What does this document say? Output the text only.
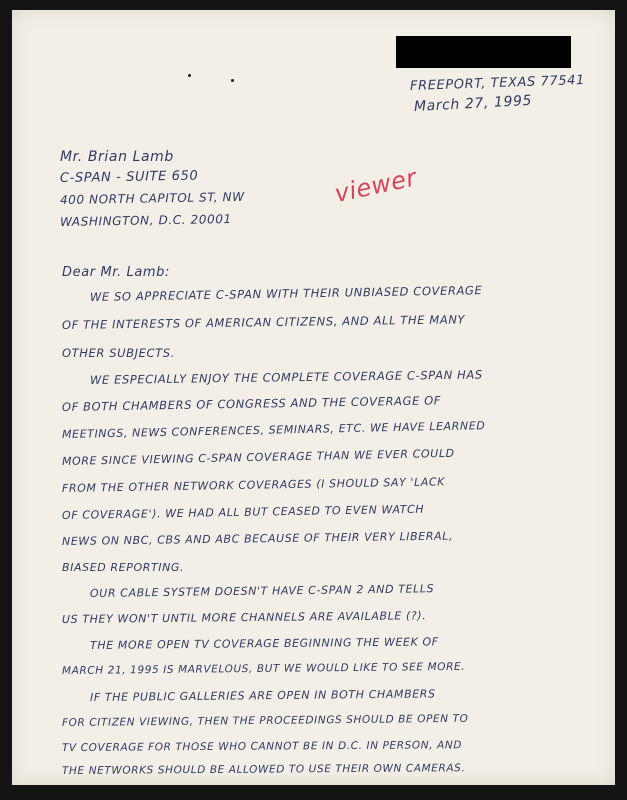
FREEPORT, TEXAS 77541
March 27, 1995
Mr. Brian Lamb
C-SPAN - SUITE 650
400 NORTH CAPITOL ST, NW
WASHINGTON, D.C. 20001
viewer
Dear Mr. Lamb:
WE SO APPRECIATE C-SPAN WITH THEIR UNBIASED COVERAGE
OF THE INTERESTS OF AMERICAN CITIZENS, AND ALL THE MANY
OTHER SUBJECTS.
WE ESPECIALLY ENJOY THE COMPLETE COVERAGE C-SPAN HAS
OF BOTH CHAMBERS OF CONGRESS AND THE COVERAGE OF
MEETINGS, NEWS CONFERENCES, SEMINARS, ETC. WE HAVE LEARNED
MORE SINCE VIEWING C-SPAN COVERAGE THAN WE EVER COULD
FROM THE OTHER NETWORK COVERAGES (I SHOULD SAY 'LACK
OF COVERAGE'). WE HAD ALL BUT CEASED TO EVEN WATCH
NEWS ON NBC, CBS AND ABC BECAUSE OF THEIR VERY LIBERAL,
BIASED REPORTING.
OUR CABLE SYSTEM DOESN'T HAVE C-SPAN 2 AND TELLS
US THEY WON'T UNTIL MORE CHANNELS ARE AVAILABLE (?).
THE MORE OPEN TV COVERAGE BEGINNING THE WEEK OF
MARCH 21, 1995 IS MARVELOUS, BUT WE WOULD LIKE TO SEE MORE.
IF THE PUBLIC GALLERIES ARE OPEN IN BOTH CHAMBERS
FOR CITIZEN VIEWING, THEN THE PROCEEDINGS SHOULD BE OPEN TO
TV COVERAGE FOR THOSE WHO CANNOT BE IN D.C. IN PERSON, AND
THE NETWORKS SHOULD BE ALLOWED TO USE THEIR OWN CAMERAS.
